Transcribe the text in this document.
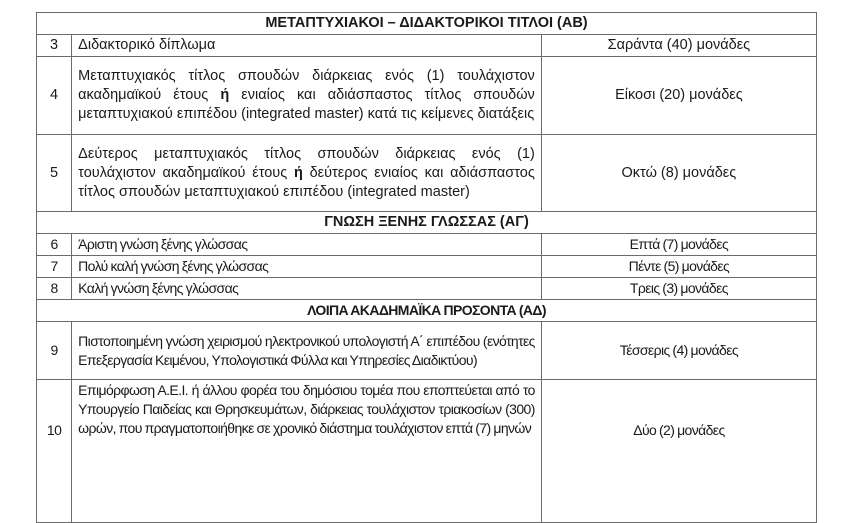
ΜΕΤΑΠΤΥΧΙΑΚΟΙ – ΔΙΔΑΚΤΟΡΙΚΟΙ ΤΙΤΛΟΙ (ΑΒ)		
3	Διδακτορικό δίπλωμα	Σαράντα (40) μονάδες
4	Μεταπτυχιακός τίτλος σπουδών διάρκειας ενός (1) τουλάχιστον ακαδημαϊκού έτους ή ενιαίος και αδιάσπαστος τίτλος σπουδών μεταπτυχιακού επιπέδου (integrated master) κατά τις κείμενες διατάξεις	Είκοσι (20) μονάδες
5	Δεύτερος μεταπτυχιακός τίτλος σπουδών διάρκειας ενός (1) τουλάχιστον ακαδημαϊκού έτους ή δεύτερος ενιαίος και αδιάσπαστος τίτλος σπουδών μεταπτυχιακού επιπέδου (integrated master)	Οκτώ (8) μονάδες
ΓΝΩΣΗ ΞΕΝΗΣ ΓΛΩΣΣΑΣ (ΑΓ)		
6	Άριστη γνώση ξένης γλώσσας	Επτά (7) μονάδες
7	Πολύ καλή γνώση ξένης γλώσσας	Πέντε (5) μονάδες
8	Καλή γνώση ξένης γλώσσας	Τρεις (3) μονάδες
ΛΟΙΠΑ ΑΚΑΔΗΜΑΪΚΑ ΠΡΟΣΟΝΤΑ (ΑΔ)		
9	Πιστοποιημένη γνώση χειρισμού ηλεκτρονικού υπολογιστή Α΄ επιπέδου (ενότητες Επεξεργασία Κειμένου, Υπολογιστικά Φύλλα και Υπηρεσίες Διαδικτύου)	Τέσσερις (4) μονάδες
10	Επιμόρφωση Α.Ε.Ι. ή άλλου φορέα του δημόσιου τομέα που εποπτεύεται από το Υπουργείο Παιδείας και Θρησκευμάτων, διάρκειας τουλάχιστον τριακοσίων (300) ωρών, που πραγματοποιήθηκε σε χρονικό διάστημα τουλάχιστον επτά (7) μηνών	Δύο (2) μονάδες
